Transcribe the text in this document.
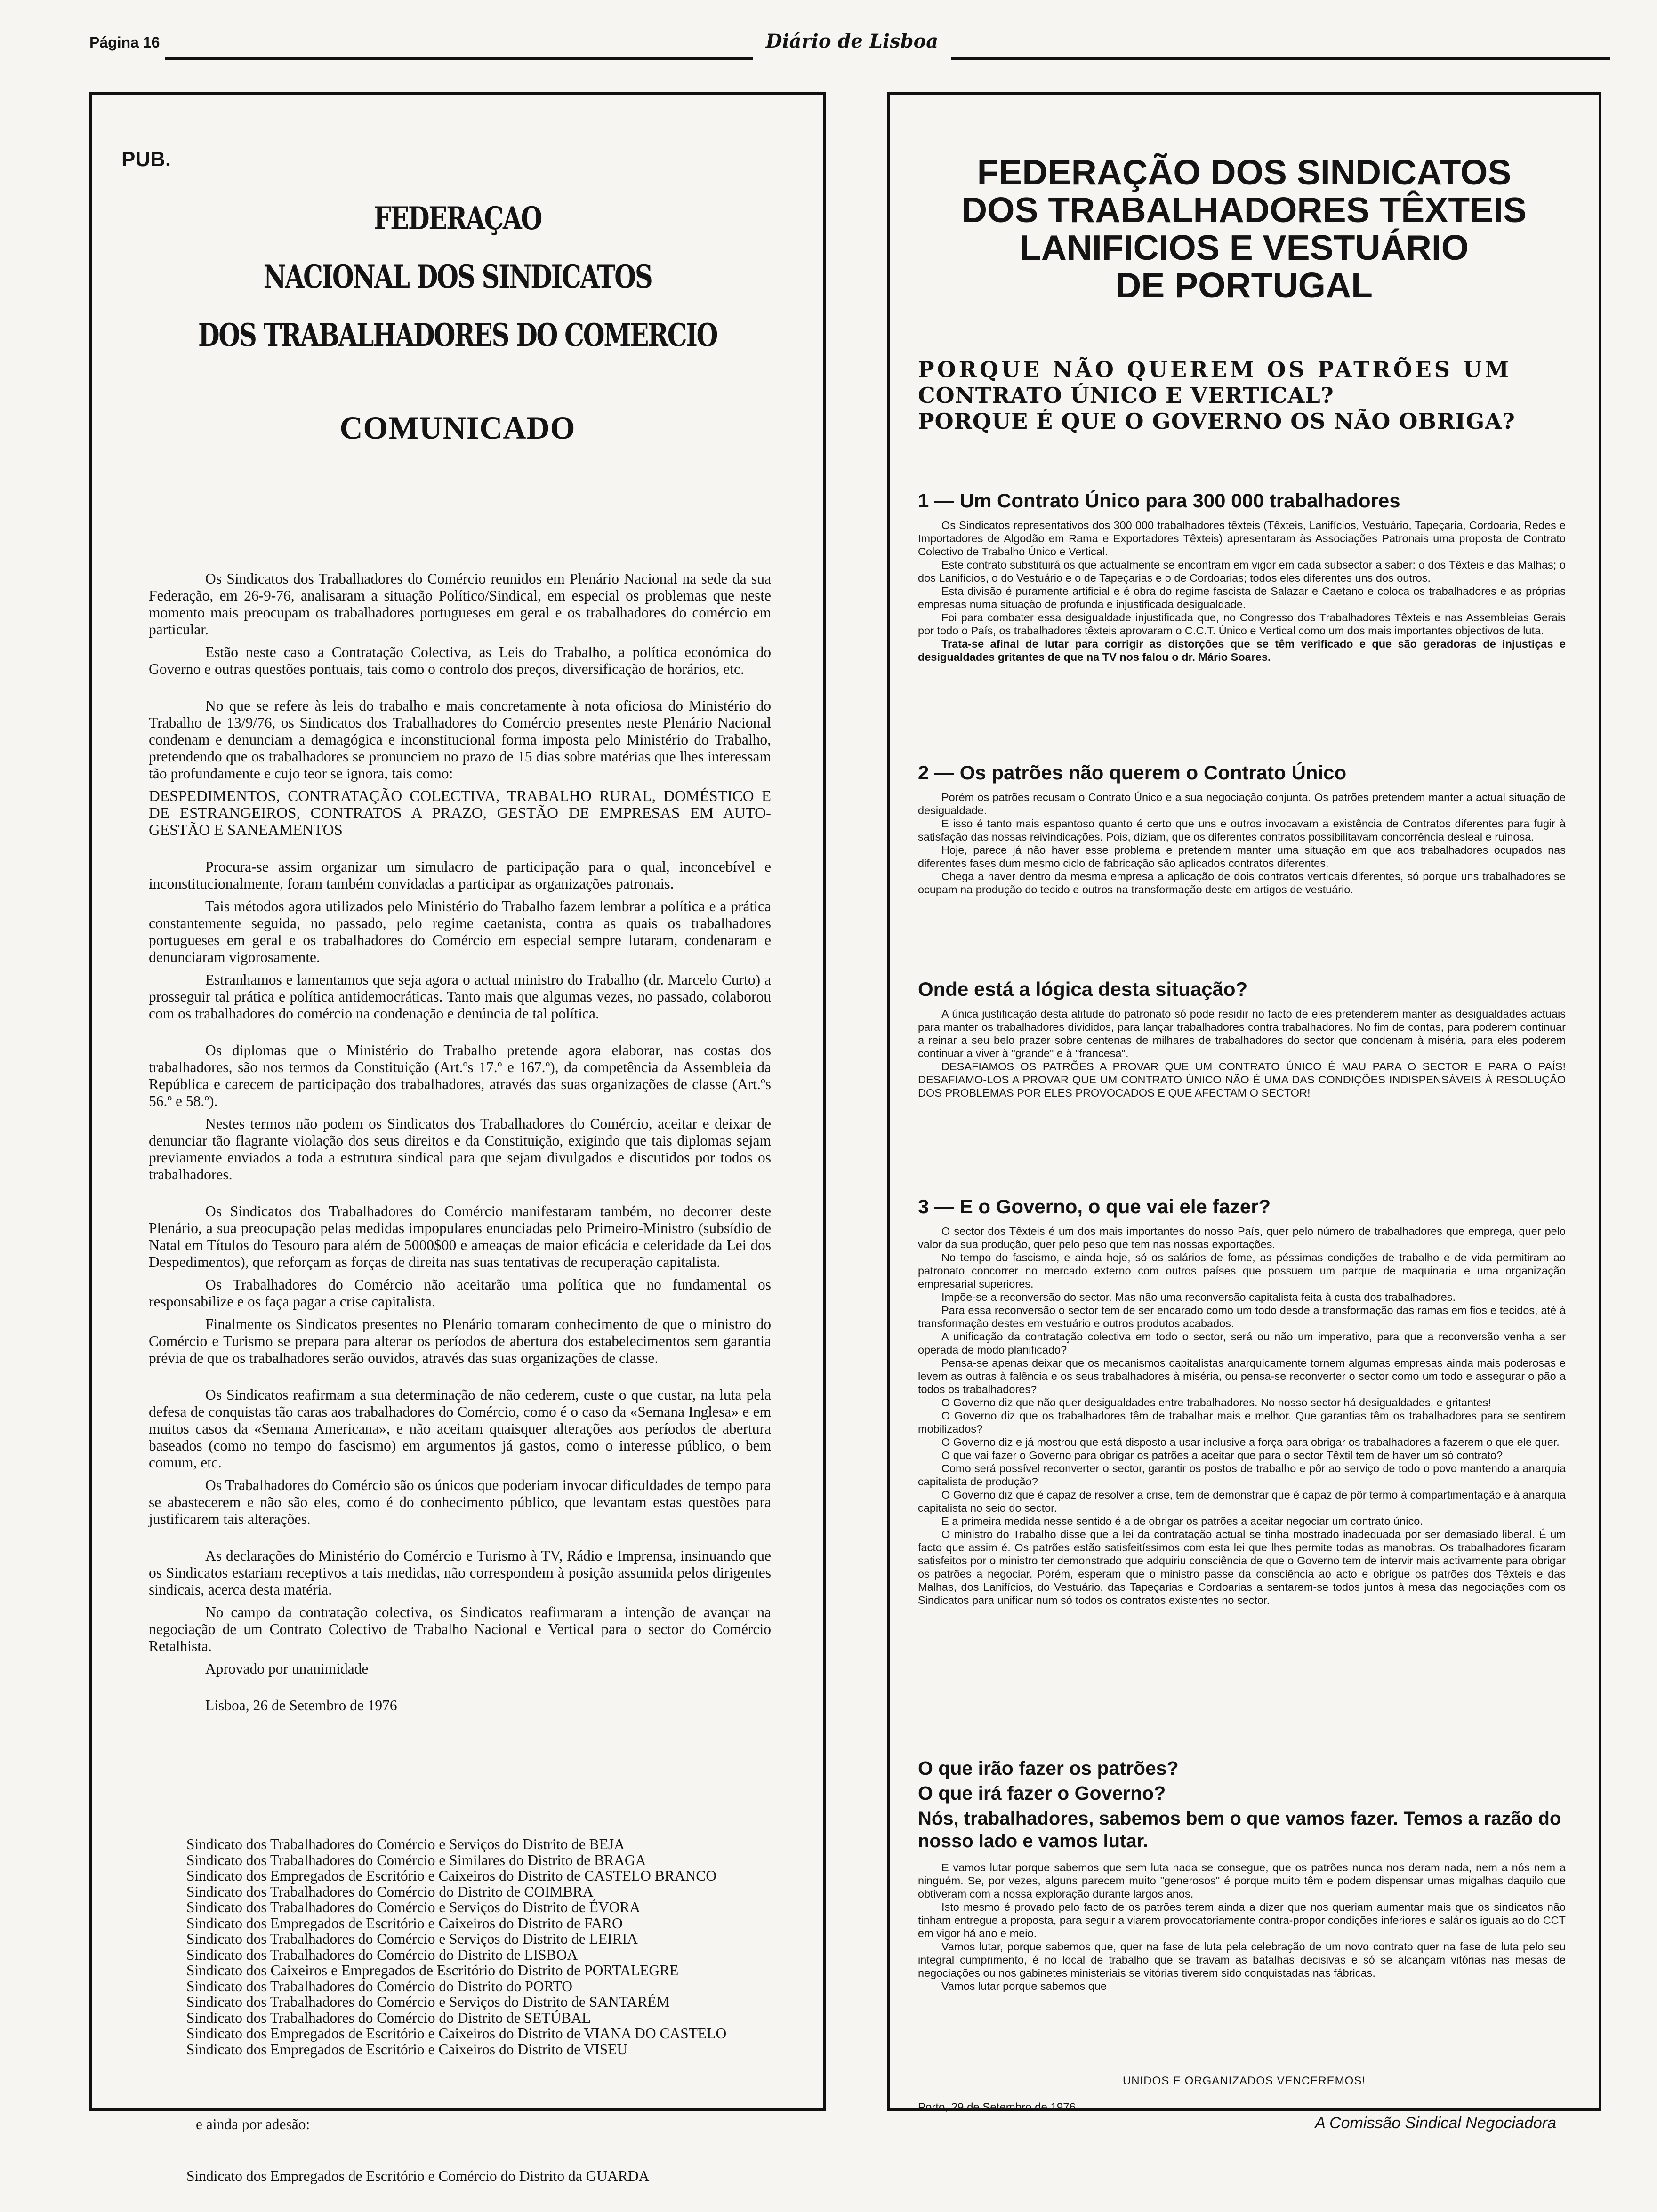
Página 16	Diário de Lisboa
PUB.
FEDERAÇAO
NACIONAL DOS SINDICATOS
DOS TRABALHADORES DO COMERCIO
COMUNICADO

Os Sindicatos dos Trabalhadores do Comércio reunidos em Plenário Nacional na sede da sua Federação, em 26-9-76, analisaram a situação Político/Sindical, em especial os problemas que neste momento mais preocupam os trabalhadores portugueses em geral e os trabalhadores do comércio em particular.

Estão neste caso a Contratação Colectiva, as Leis do Trabalho, a política económica do Governo e outras questões pontuais, tais como o controlo dos preços, diversificação de horários, etc.

No que se refere às leis do trabalho e mais concretamente à nota oficiosa do Ministério do Trabalho de 13/9/76, os Sindicatos dos Trabalhadores do Comércio presentes neste Plenário Nacional condenam e denunciam a demagógica e inconstitucional forma imposta pelo Ministério do Trabalho, pretendendo que os trabalhadores se pronunciem no prazo de 15 dias sobre matérias que lhes interessam tão profundamente e cujo teor se ignora, tais como:

DESPEDIMENTOS, CONTRATAÇÃO COLECTIVA, TRABALHO RURAL, DOMÉSTICO E DE ESTRANGEIROS, CONTRATOS A PRAZO, GESTÃO DE EMPRESAS EM AUTO-GESTÃO E SANEAMENTOS

Procura-se assim organizar um simulacro de participação para o qual, inconcebível e inconstitucionalmente, foram também convidadas a participar as organizações patronais.

Tais métodos agora utilizados pelo Ministério do Trabalho fazem lembrar a política e a prática constantemente seguida, no passado, pelo regime caetanista, contra as quais os trabalhadores portugueses em geral e os trabalhadores do Comércio em especial sempre lutaram, condenaram e denunciaram vigorosamente.

Estranhamos e lamentamos que seja agora o actual ministro do Trabalho (dr. Marcelo Curto) a prosseguir tal prática e política antidemocráticas. Tanto mais que algumas vezes, no passado, colaborou com os trabalhadores do comércio na condenação e denúncia de tal política.

Os diplomas que o Ministério do Trabalho pretende agora elaborar, nas costas dos trabalhadores, são nos termos da Constituição (Art.ºs 17.º e 167.º), da competência da Assembleia da República e carecem de participação dos trabalhadores, através das suas organizações de classe (Art.ºs 56.º e 58.º).

Nestes termos não podem os Sindicatos dos Trabalhadores do Comércio, aceitar e deixar de denunciar tão flagrante violação dos seus direitos e da Constituição, exigindo que tais diplomas sejam previamente enviados a toda a estrutura sindical para que sejam divulgados e discutidos por todos os trabalhadores.

Os Sindicatos dos Trabalhadores do Comércio manifestaram também, no decorrer deste Plenário, a sua preocupação pelas medidas impopulares enunciadas pelo Primeiro-Ministro (subsídio de Natal em Títulos do Tesouro para além de 5000$00 e ameaças de maior eficácia e celeridade da Lei dos Despedimentos), que reforçam as forças de direita nas suas tentativas de recuperação capitalista.

Os Trabalhadores do Comércio não aceitarão uma política que no fundamental os responsabilize e os faça pagar a crise capitalista.

Finalmente os Sindicatos presentes no Plenário tomaram conhecimento de que o ministro do Comércio e Turismo se prepara para alterar os períodos de abertura dos estabelecimentos sem garantia prévia de que os trabalhadores serão ouvidos, através das suas organizações de classe.

Os Sindicatos reafirmam a sua determinação de não cederem, custe o que custar, na luta pela defesa de conquistas tão caras aos trabalhadores do Comércio, como é o caso da «Semana Inglesa» e em muitos casos da «Semana Americana», e não aceitam quaisquer alterações aos períodos de abertura baseados (como no tempo do fascismo) em argumentos já gastos, como o interesse público, o bem comum, etc.

Os Trabalhadores do Comércio são os únicos que poderiam invocar dificuldades de tempo para se abastecerem e não são eles, como é do conhecimento público, que levantam estas questões para justificarem tais alterações.

As declarações do Ministério do Comércio e Turismo à TV, Rádio e Imprensa, insinuando que os Sindicatos estariam receptivos a tais medidas, não correspondem à posição assumida pelos dirigentes sindicais, acerca desta matéria.

No campo da contratação colectiva, os Sindicatos reafirmaram a intenção de avançar na negociação de um Contrato Colectivo de Trabalho Nacional e Vertical para o sector do Comércio Retalhista.

Aprovado por unanimidade

Lisboa, 26 de Setembro de 1976

Sindicato dos Trabalhadores do Comércio e Serviços do Distrito de BEJA
Sindicato dos Trabalhadores do Comércio e Similares do Distrito de BRAGA
Sindicato dos Empregados de Escritório e Caixeiros do Distrito de CASTELO BRANCO
Sindicato dos Trabalhadores do Comércio do Distrito de COIMBRA
Sindicato dos Trabalhadores do Comércio e Serviços do Distrito de ÉVORA
Sindicato dos Empregados de Escritório e Caixeiros do Distrito de FARO
Sindicato dos Trabalhadores do Comércio e Serviços do Distrito de LEIRIA
Sindicato dos Trabalhadores do Comércio do Distrito de LISBOA
Sindicato dos Caixeiros e Empregados de Escritório do Distrito de PORTALEGRE
Sindicato dos Trabalhadores do Comércio do Distrito do PORTO
Sindicato dos Trabalhadores do Comércio e Serviços do Distrito de SANTARÉM
Sindicato dos Trabalhadores do Comércio do Distrito de SETÚBAL
Sindicato dos Empregados de Escritório e Caixeiros do Distrito de VIANA DO CASTELO
Sindicato dos Empregados de Escritório e Caixeiros do Distrito de VISEU
e ainda por adesão:
Sindicato dos Empregados de Escritório e Comércio do Distrito da GUARDA
FEDERAÇÃO DOS SINDICATOS
DOS TRABALHADORES TÊXTEIS
LANIFICIOS E VESTUÁRIO
DE PORTUGAL
PORQUE NÃO QUEREM OS PATRÕES UM
CONTRATO ÚNICO E VERTICAL?
PORQUE É QUE O GOVERNO OS NÃO OBRIGA?
1 — Um Contrato Único para 300 000 trabalhadores

Os Sindicatos representativos dos 300 000 trabalhadores têxteis (Têxteis, Lanifícios, Vestuário, Tapeçaria, Cordoaria, Redes e Importadores de Algodão em Rama e Exportadores Têxteis) apresentaram às Associações Patronais uma proposta de Contrato Colectivo de Trabalho Único e Vertical.

Este contrato substituirá os que actualmente se encontram em vigor em cada subsector a saber: o dos Têxteis e das Malhas; o dos Lanifícios, o do Vestuário e o de Tapeçarias e o de Cordoarias; todos eles diferentes uns dos outros.

Esta divisão é puramente artificial e é obra do regime fascista de Salazar e Caetano e coloca os trabalhadores e as próprias empresas numa situação de profunda e injustificada desigualdade.

Foi para combater essa desigualdade injustificada que, no Congresso dos Trabalhadores Têxteis e nas Assembleias Gerais por todo o País, os trabalhadores têxteis aprovaram o C.C.T. Único e Vertical como um dos mais importantes objectivos de luta.

Trata-se afinal de lutar para corrigir as distorções que se têm verificado e que são geradoras de injustiças e desigualdades gritantes de que na TV nos falou o dr. Mário Soares.

2 — Os patrões não querem o Contrato Único

Porém os patrões recusam o Contrato Único e a sua negociação conjunta. Os patrões pretendem manter a actual situação de desigualdade.

E isso é tanto mais espantoso quanto é certo que uns e outros invocavam a existência de Contratos diferentes para fugir à satisfação das nossas reivindicações. Pois, diziam, que os diferentes contratos possibilitavam concorrência desleal e ruinosa.

Hoje, parece já não haver esse problema e pretendem manter uma situação em que aos trabalhadores ocupados nas diferentes fases dum mesmo ciclo de fabricação são aplicados contratos diferentes.

Chega a haver dentro da mesma empresa a aplicação de dois contratos verticais diferentes, só porque uns trabalhadores se ocupam na produção do tecido e outros na transformação deste em artigos de vestuário.

Onde está a lógica desta situação?

A única justificação desta atitude do patronato só pode residir no facto de eles pretenderem manter as desigualdades actuais para manter os trabalhadores divididos, para lançar trabalhadores contra trabalhadores. No fim de contas, para poderem continuar a reinar a seu belo prazer sobre centenas de milhares de trabalhadores do sector que condenam à miséria, para eles poderem continuar a viver à "grande" e à "francesa".

DESAFIAMOS OS PATRÕES A PROVAR QUE UM CONTRATO ÚNICO É MAU PARA O SECTOR E PARA O PAÍS! DESAFIAMO-LOS A PROVAR QUE UM CONTRATO ÚNICO NÃO É UMA DAS CONDIÇÕES INDISPENSÁVEIS À RESOLUÇÃO DOS PROBLEMAS POR ELES PROVOCADOS E QUE AFECTAM O SECTOR!

3 — E o Governo, o que vai ele fazer?

O sector dos Têxteis é um dos mais importantes do nosso País, quer pelo número de trabalhadores que emprega, quer pelo valor da sua produção, quer pelo peso que tem nas nossas exportações.

No tempo do fascismo, e ainda hoje, só os salários de fome, as péssimas condições de trabalho e de vida permitiram ao patronato concorrer no mercado externo com outros países que possuem um parque de maquinaria e uma organização empresarial superiores.

Impõe-se a reconversão do sector. Mas não uma reconversão capitalista feita à custa dos trabalhadores.

Para essa reconversão o sector tem de ser encarado como um todo desde a transformação das ramas em fios e tecidos, até à transformação destes em vestuário e outros produtos acabados.

A unificação da contratação colectiva em todo o sector, será ou não um imperativo, para que a reconversão venha a ser operada de modo planificado?

Pensa-se apenas deixar que os mecanismos capitalistas anarquicamente tornem algumas empresas ainda mais poderosas e levem as outras à falência e os seus trabalhadores à miséria, ou pensa-se reconverter o sector como um todo e assegurar o pão a todos os trabalhadores?

O Governo diz que não quer desigualdades entre trabalhadores. No nosso sector há desigualdades, e gritantes!

O Governo diz que os trabalhadores têm de trabalhar mais e melhor. Que garantias têm os trabalhadores para se sentirem mobilizados?

O Governo diz e já mostrou que está disposto a usar inclusive a força para obrigar os trabalhadores a fazerem o que ele quer.

O que vai fazer o Governo para obrigar os patrões a aceitar que para o sector Têxtil tem de haver um só contrato?

Como será possível reconverter o sector, garantir os postos de trabalho e pôr ao serviço de todo o povo mantendo a anarquia capitalista de produção?

O Governo diz que é capaz de resolver a crise, tem de demonstrar que é capaz de pôr termo à compartimentação e à anarquia capitalista no seio do sector.

E a primeira medida nesse sentido é a de obrigar os patrões a aceitar negociar um contrato único.

O ministro do Trabalho disse que a lei da contratação actual se tinha mostrado inadequada por ser demasiado liberal. É um facto que assim é. Os patrões estão satisfeitíssimos com esta lei que lhes permite todas as manobras. Os trabalhadores ficaram satisfeitos por o ministro ter demonstrado que adquiriu consciência de que o Governo tem de intervir mais activamente para obrigar os patrões a negociar. Porém, esperam que o ministro passe da consciência ao acto e obrigue os patrões dos Têxteis e das Malhas, dos Lanifícios, do Vestuário, das Tapeçarias e Cordoarias a sentarem-se todos juntos à mesa das negociações com os Sindicatos para unificar num só todos os contratos existentes no sector.

O que irão fazer os patrões?
O que irá fazer o Governo?

Nós, trabalhadores, sabemos bem o que vamos fazer. Temos a razão do nosso lado e vamos lutar.

E vamos lutar porque sabemos que sem luta nada se consegue, que os patrões nunca nos deram nada, nem a nós nem a ninguém. Se, por vezes, alguns parecem muito "generosos" é porque muito têm e podem dispensar umas migalhas daquilo que obtiveram com a nossa exploração durante largos anos.

Isto mesmo é provado pelo facto de os patrões terem ainda a dizer que nos queriam aumentar mais que os sindicatos não tinham entregue a proposta, para seguir a viarem provocatoriamente contra-propor condições inferiores e salários iguais ao do CCT em vigor há ano e meio.

Vamos lutar, porque sabemos que, quer na fase de luta pela celebração de um novo contrato quer na fase de luta pelo seu integral cumprimento, é no local de trabalho que se travam as batalhas decisivas e só se alcançam vitórias nas mesas de negociações ou nos gabinetes ministeriais se vitórias tiverem sido conquistadas nas fábricas.

Vamos lutar porque sabemos que

UNIDOS E ORGANIZADOS VENCEREMOS!
Porto, 29 de Setembro de 1976
A Comissão Sindical Negociadora
